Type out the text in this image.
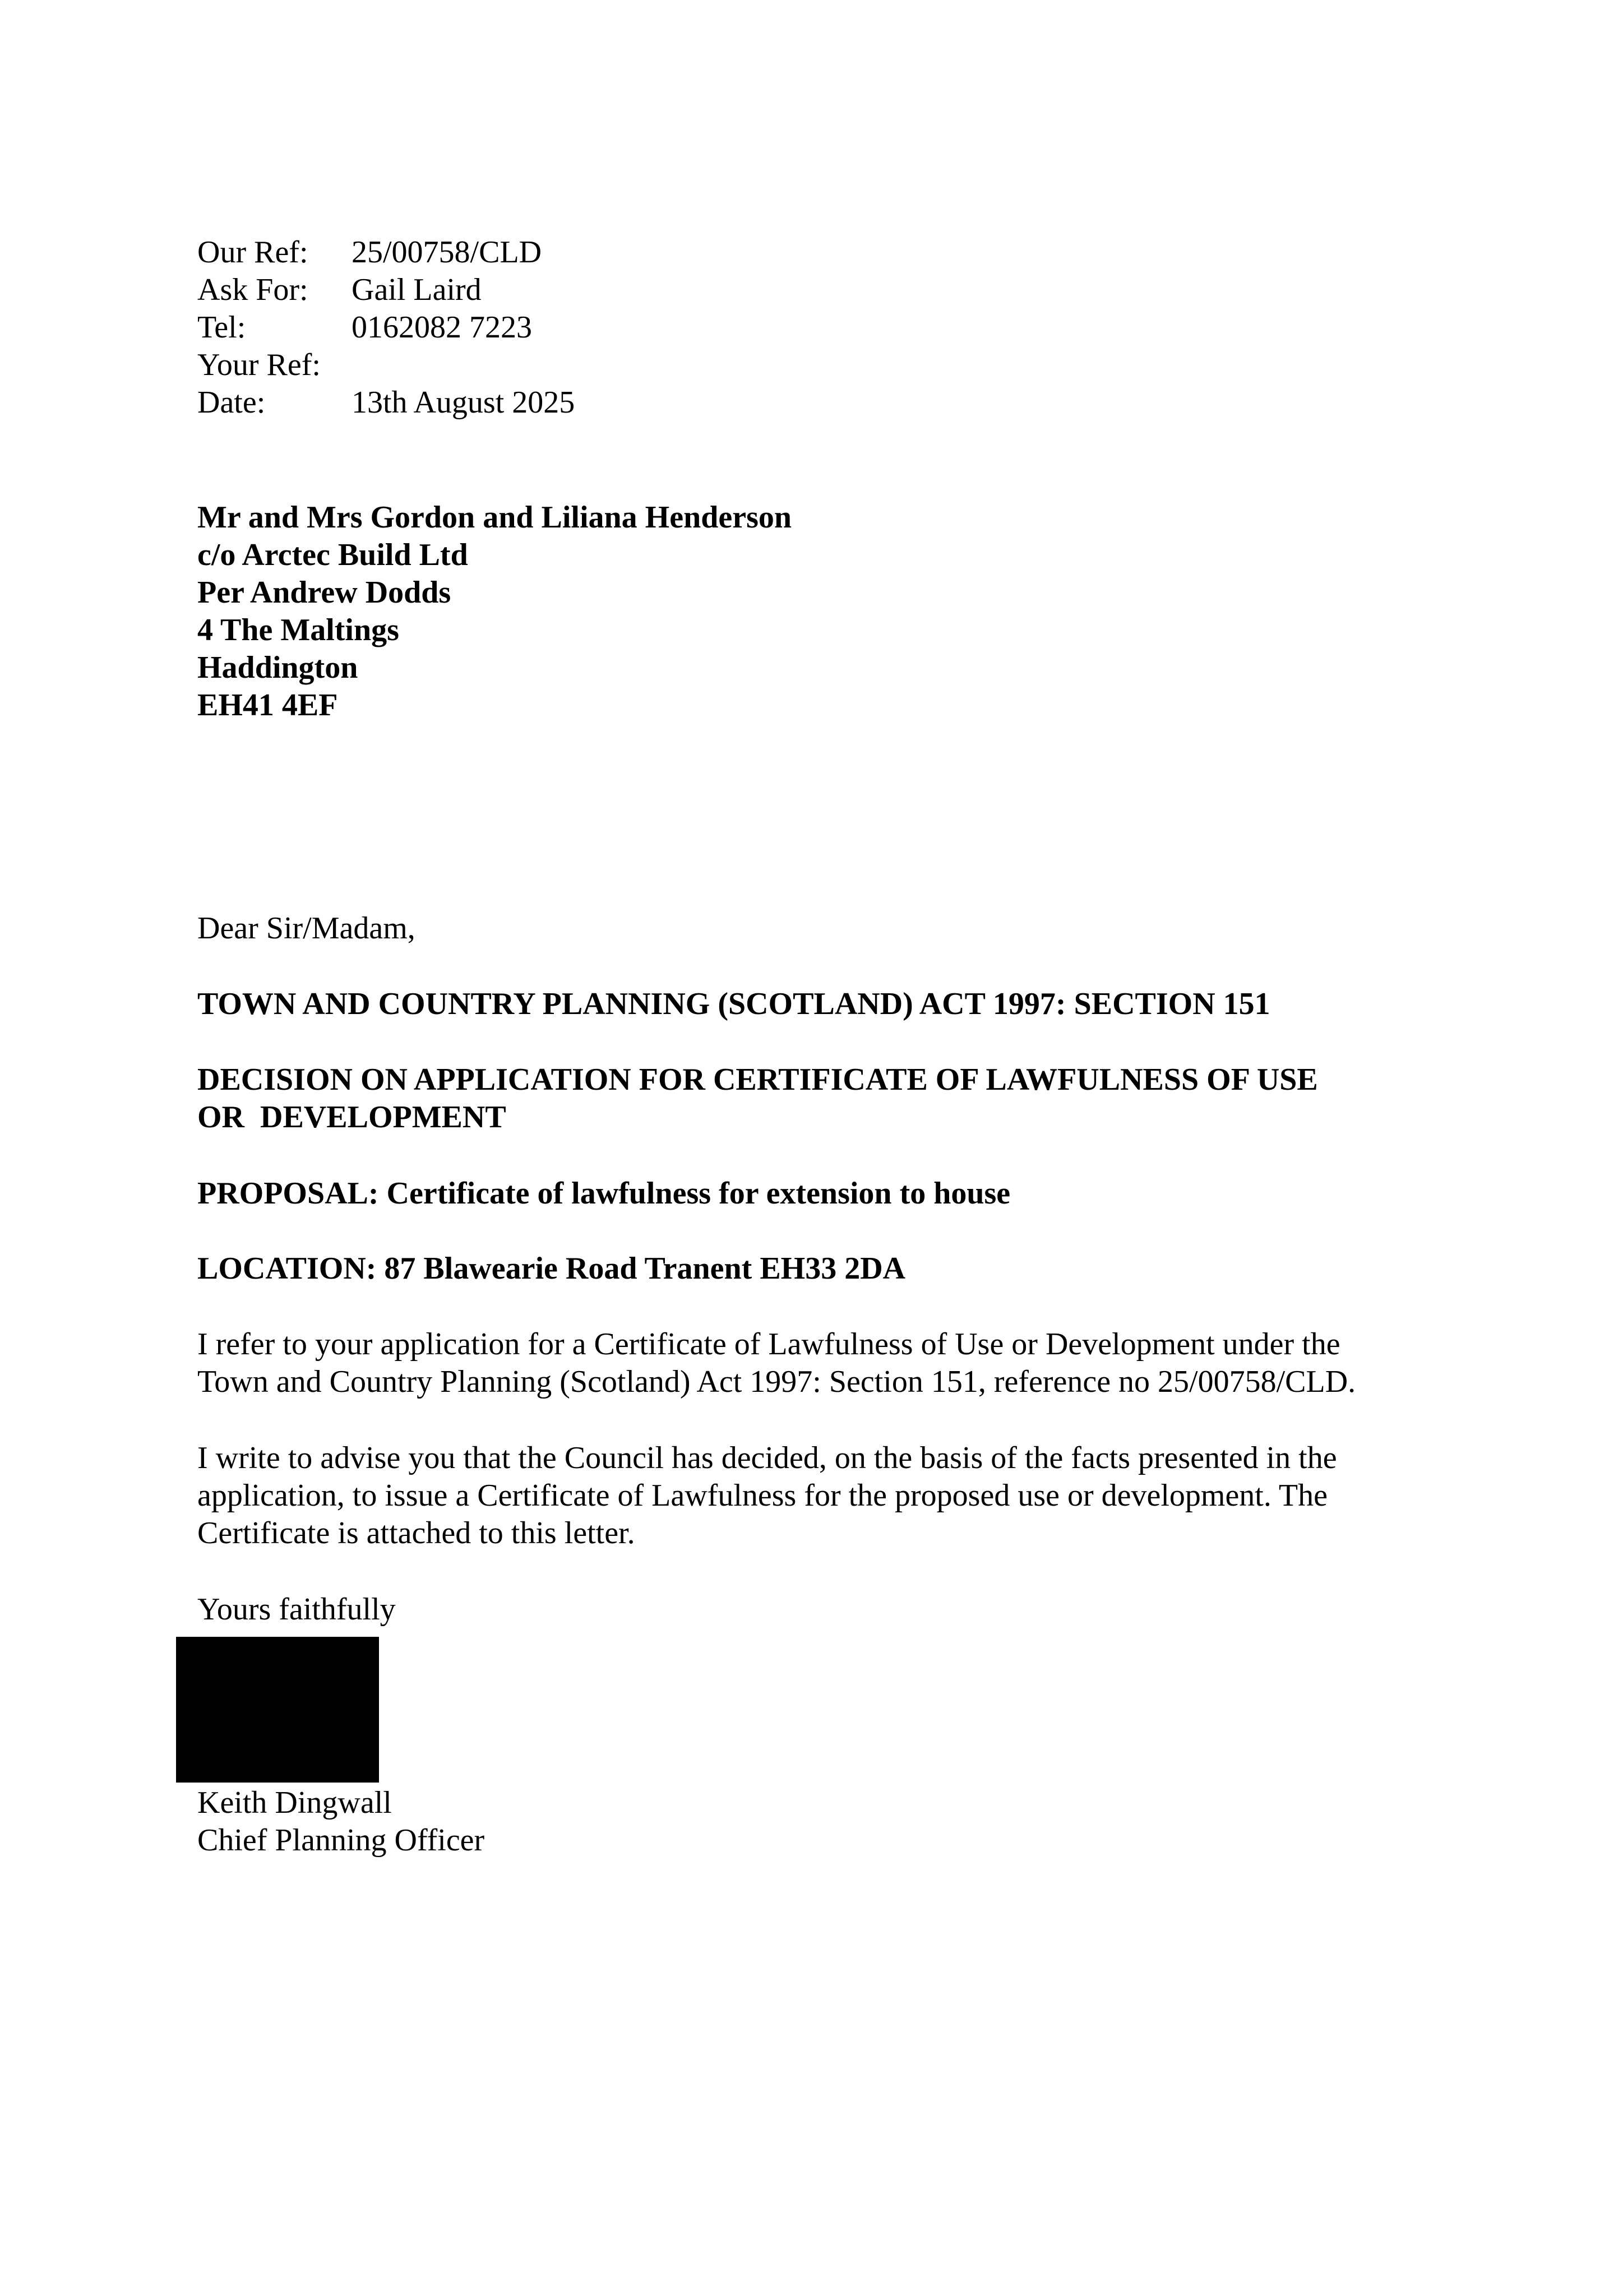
Our Ref:	25/00758/CLD
Ask For:	Gail Laird
Tel:	0162082 7223
Your Ref:
Date:	13th August 2025
Mr and Mrs Gordon and Liliana Henderson
c/o Arctec Build Ltd
Per Andrew Dodds
4 The Maltings
Haddington
EH41 4EF
Dear Sir/Madam,
TOWN AND COUNTRY PLANNING (SCOTLAND) ACT 1997: SECTION 151
DECISION ON APPLICATION FOR CERTIFICATE OF LAWFULNESS OF USE
OR  DEVELOPMENT
PROPOSAL: Certificate of lawfulness for extension to house
LOCATION: 87 Blawearie Road Tranent EH33 2DA
I refer to your application for a Certificate of Lawfulness of Use or Development under the
Town and Country Planning (Scotland) Act 1997: Section 151, reference no 25/00758/CLD.
I write to advise you that the Council has decided, on the basis of the facts presented in the
application, to issue a Certificate of Lawfulness for the proposed use or development. The
Certificate is attached to this letter.
Yours faithfully
Keith Dingwall
Chief Planning Officer
